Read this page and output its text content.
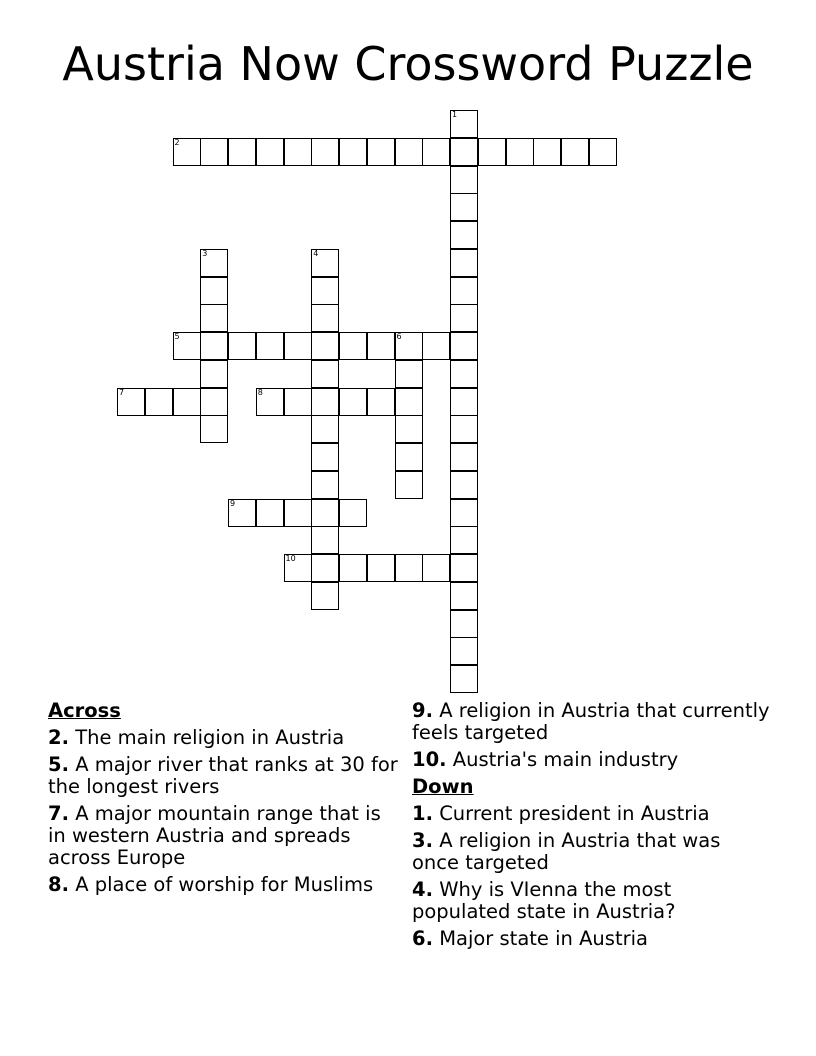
Austria Now Crossword Puzzle
1
2
3	4
5	6
7	8
9
10
Across
2. The main religion in Austria
5. A major river that ranks at 30 for the longest rivers
7. A major mountain range that is in western Austria and spreads across Europe
8. A place of worship for Muslims
9. A religion in Austria that currently feels targeted
10. Austria's main industry
Down
1. Current president in Austria
3. A religion in Austria that was once targeted
4. Why is VIenna the most populated state in Austria?
6. Major state in Austria
